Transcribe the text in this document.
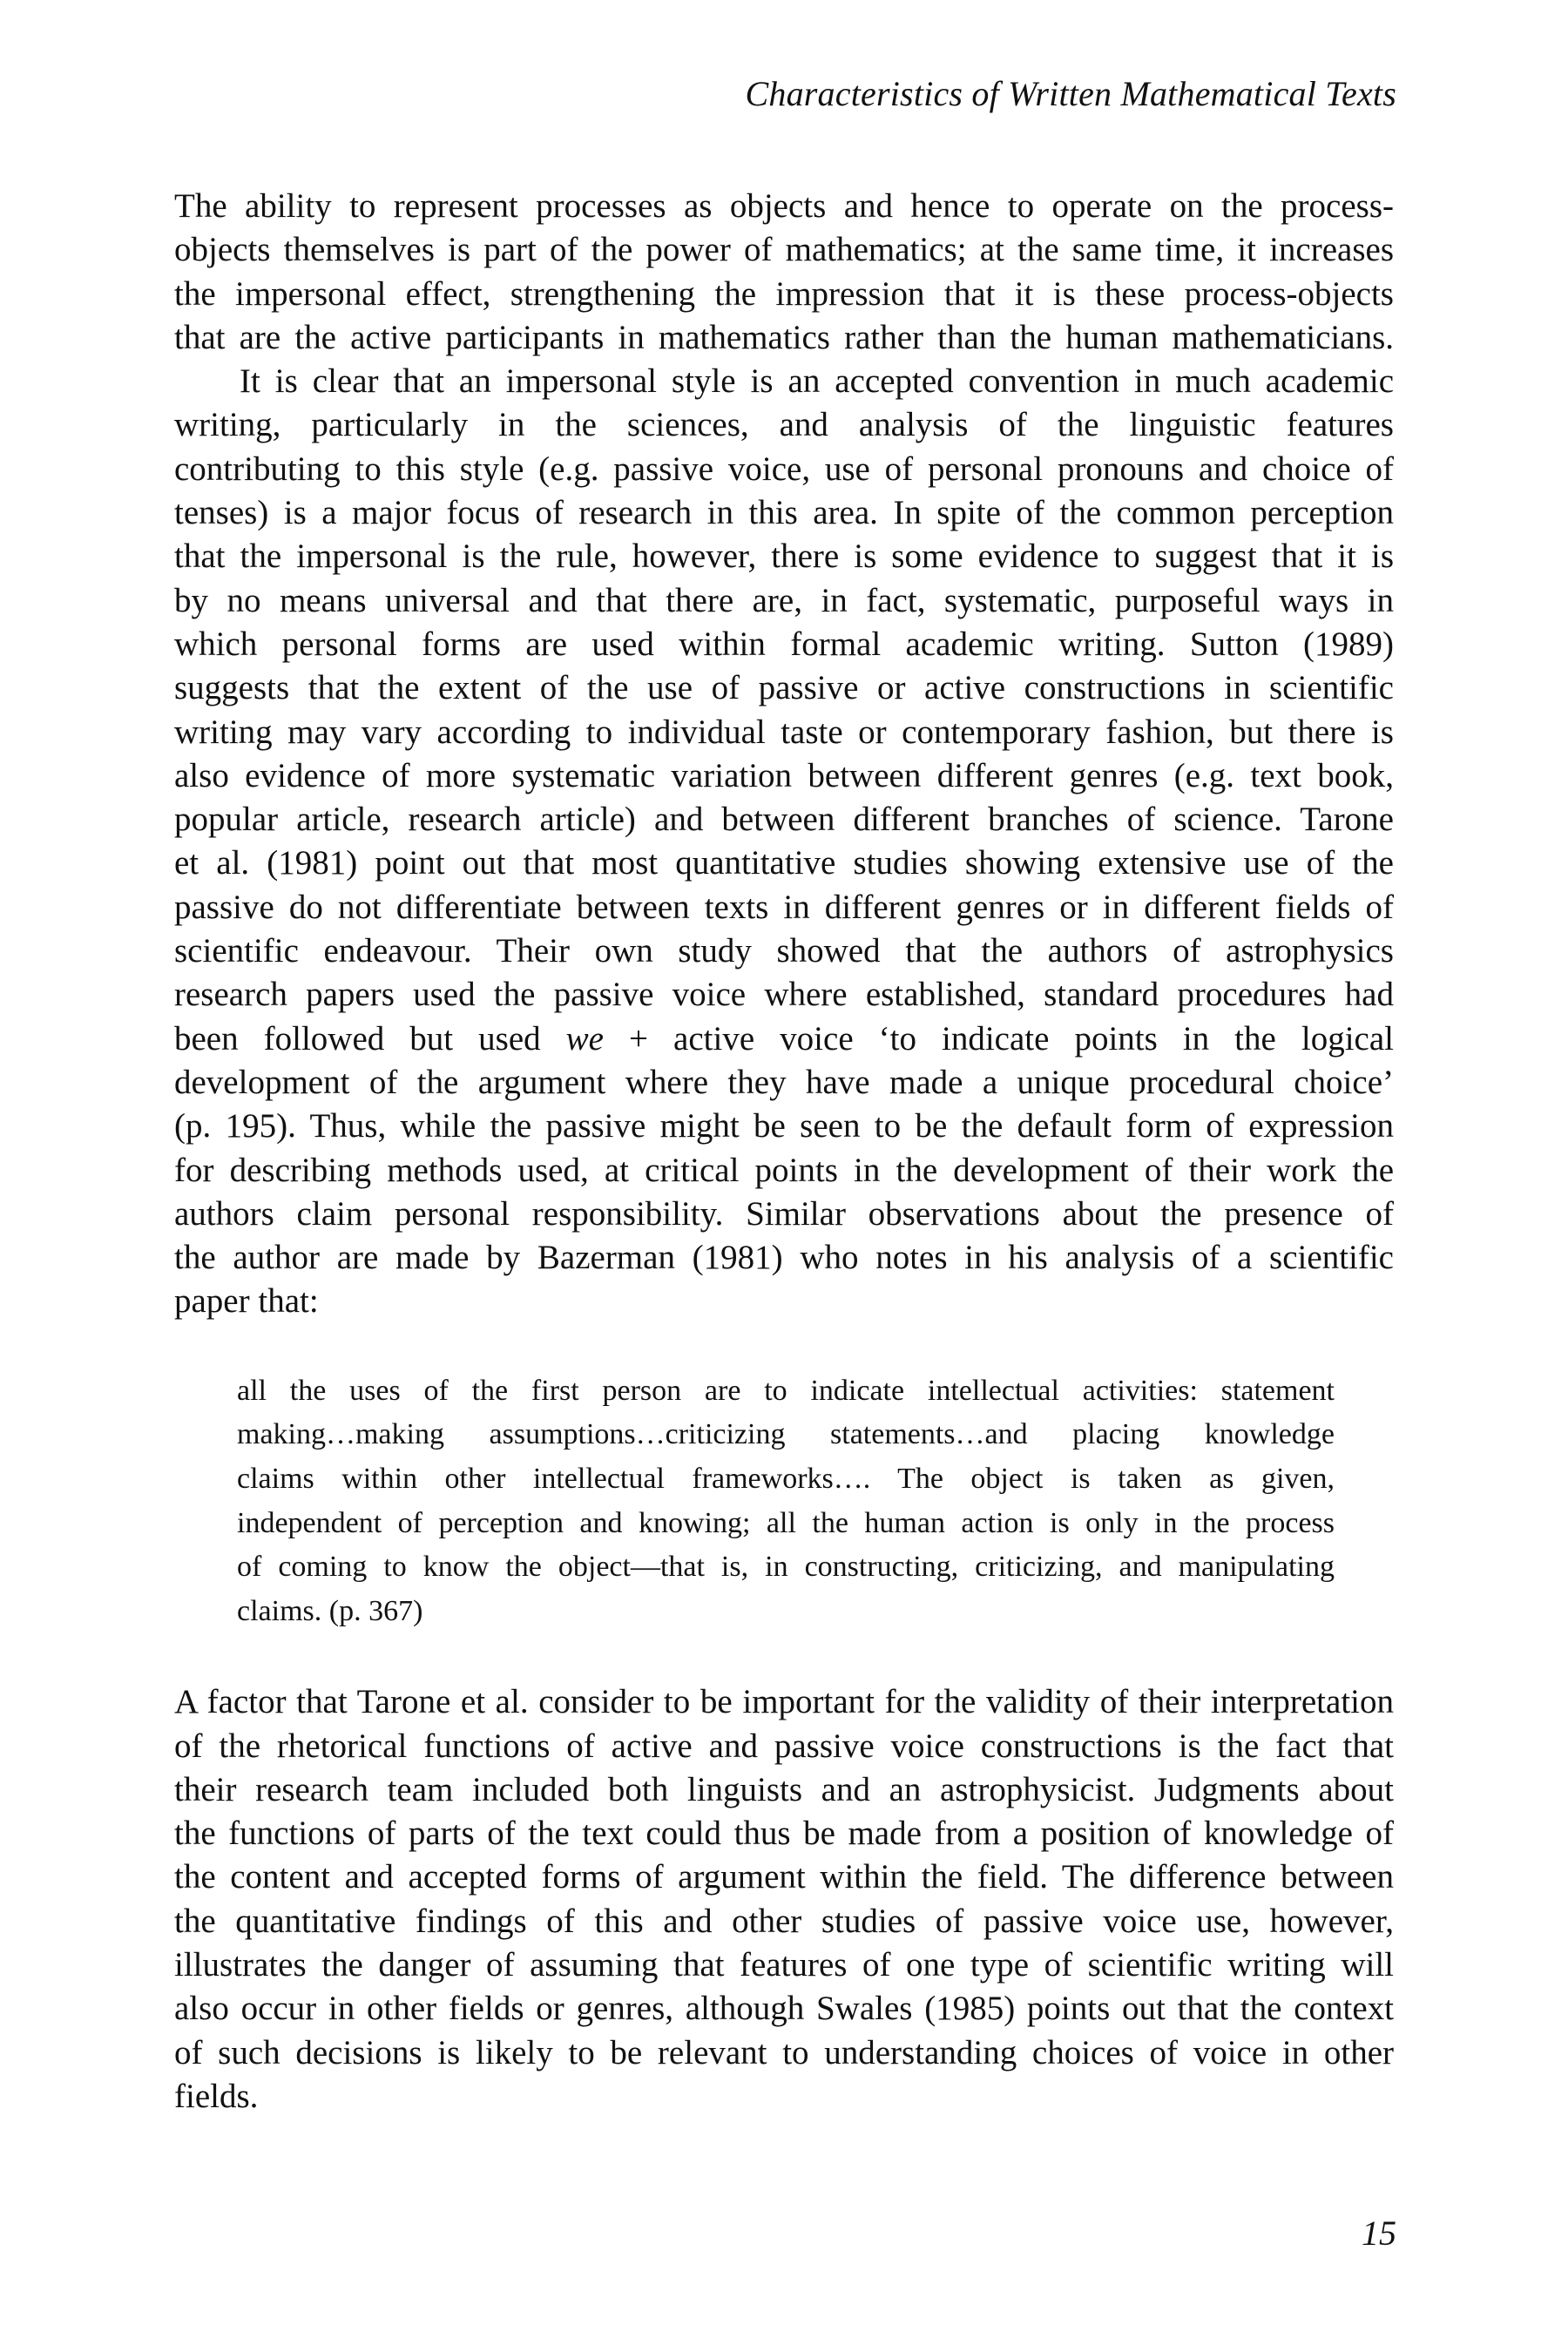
Characteristics of Written Mathematical Texts

The ability to represent processes as objects and hence to operate on the process-
objects themselves is part of the power of mathematics; at the same time, it increases
the impersonal effect, strengthening the impression that it is these process-objects
that are the active participants in mathematics rather than the human mathematicians.

It is clear that an impersonal style is an accepted convention in much academic
writing, particularly in the sciences, and analysis of the linguistic features
contributing to this style (e.g. passive voice, use of personal pronouns and choice of
tenses) is a major focus of research in this area. In spite of the common perception
that the impersonal is the rule, however, there is some evidence to suggest that it is
by no means universal and that there are, in fact, systematic, purposeful ways in
which personal forms are used within formal academic writing. Sutton (1989)
suggests that the extent of the use of passive or active constructions in scientific
writing may vary according to individual taste or contemporary fashion, but there is
also evidence of more systematic variation between different genres (e.g. text book,
popular article, research article) and between different branches of science. Tarone
et al. (1981) point out that most quantitative studies showing extensive use of the
passive do not differentiate between texts in different genres or in different fields of
scientific endeavour. Their own study showed that the authors of astrophysics
research papers used the passive voice where established, standard procedures had
been followed but used we + active voice ‘to indicate points in the logical
development of the argument where they have made a unique procedural choice’
(p. 195). Thus, while the passive might be seen to be the default form of expression
for describing methods used, at critical points in the development of their work the
authors claim personal responsibility. Similar observations about the presence of
the author are made by Bazerman (1981) who notes in his analysis of a scientific
paper that:

all the uses of the first person are to indicate intellectual activities: statement
making…making assumptions…criticizing statements…and placing knowledge
claims within other intellectual frameworks…. The object is taken as given,
independent of perception and knowing; all the human action is only in the process
of coming to know the object—that is, in constructing, criticizing, and manipulating
claims. (p. 367)

A factor that Tarone et al. consider to be important for the validity of their interpretation
of the rhetorical functions of active and passive voice constructions is the fact that
their research team included both linguists and an astrophysicist. Judgments about
the functions of parts of the text could thus be made from a position of knowledge of
the content and accepted forms of argument within the field. The difference between
the quantitative findings of this and other studies of passive voice use, however,
illustrates the danger of assuming that features of one type of scientific writing will
also occur in other fields or genres, although Swales (1985) points out that the context
of such decisions is likely to be relevant to understanding choices of voice in other
fields.

15
